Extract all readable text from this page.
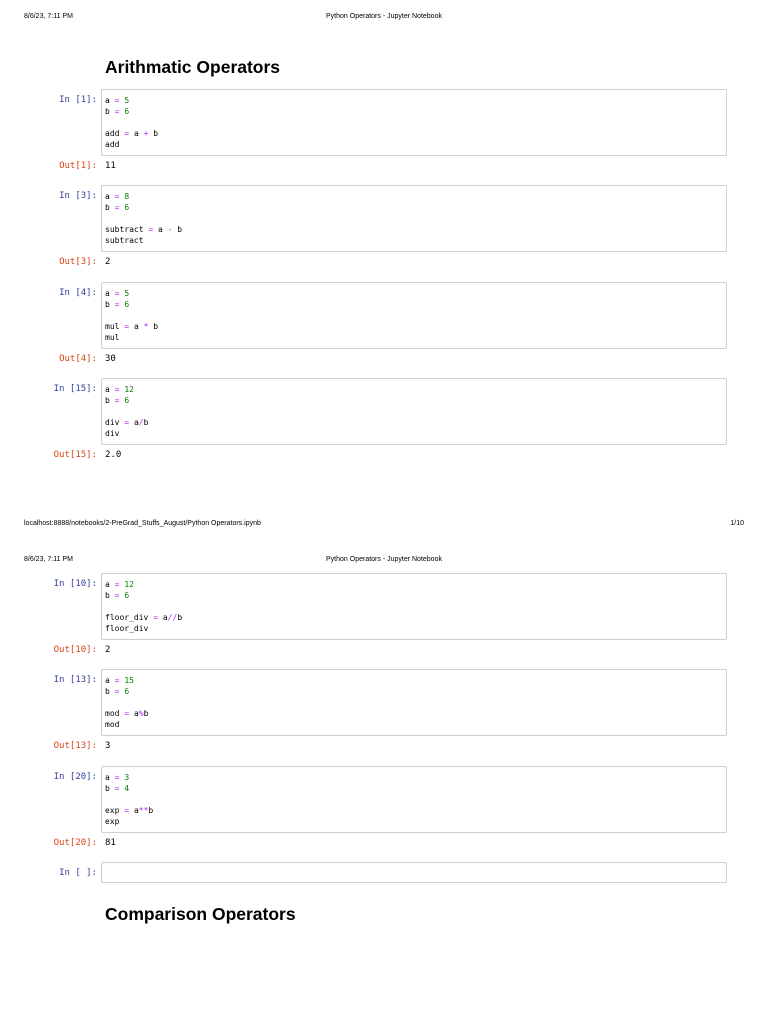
8/6/23, 7:11 PM	Python Operators - Jupyter Notebook
Arithmatic Operators
In [1]: a = 5
b = 6
add = a + b
add
Out[1]: 11
In [3]: a = 8
b = 6
subtract = a - b
subtract
Out[3]: 2
In [4]: a = 5
b = 6
mul = a * b
mul
Out[4]: 30
In [15]: a = 12
b = 6
div = a/b
div
Out[15]: 2.0
localhost:8888/notebooks/2-PreGrad_Stuffs_August/Python Operators.ipynb	1/10
8/6/23, 7:11 PM	Python Operators - Jupyter Notebook
In [10]: a = 12
b = 6
floor_div = a//b
floor_div
Out[10]: 2
In [13]: a = 15
b = 6
mod = a%b
mod
Out[13]: 3
In [20]: a = 3
b = 4
exp = a**b
exp
Out[20]: 81
In [ ]:
Comparison Operators
